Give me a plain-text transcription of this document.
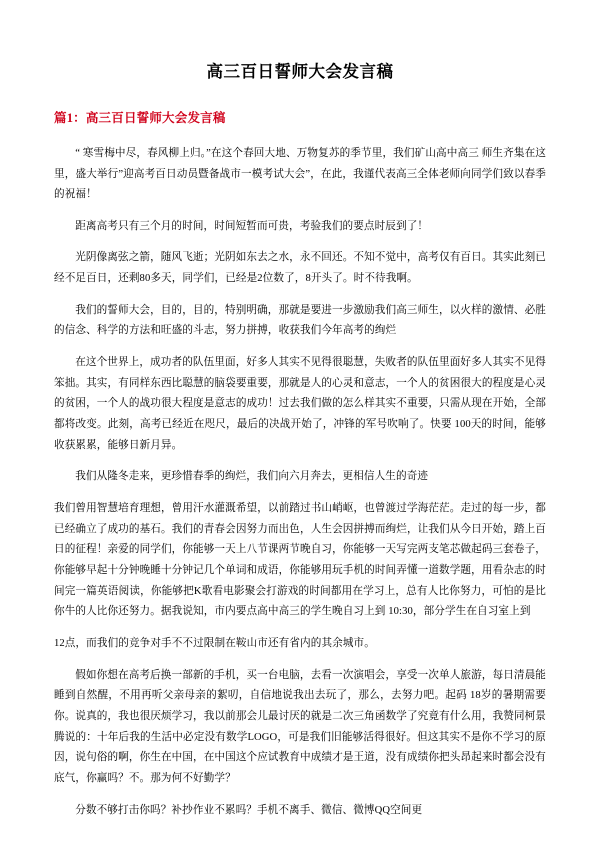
高三百日誓师大会发言稿
篇1：高三百日誓师大会发言稿

“ 寒雪梅中尽，春风柳上归。”在这个春回大地、万物复苏的季节里，我们矿山高中高三 师生齐集在这里，盛大举行”迎高考百日动员暨备战市一模考试大会”，在此，我谨代表高三全体老师向同学们致以春季的祝福！

距离高考只有三个月的时间，时间短暂而可贵，考验我们的要点时辰到了！

光阴像离弦之箭，随风飞逝；光阴如东去之水，永不回还。不知不觉中，高考仅有百日。其实此刻已经不足百日，还剩80多天，同学们，已经是2位数了，8开头了。时不待我啊。

我们的誓师大会，目的，目的，特别明确，那就是要进一步激励我们高三师生，以火样的激情、必胜的信念、科学的方法和旺盛的斗志，努力拼搏，收获我们今年高考的绚烂

在这个世界上，成功者的队伍里面，好多人其实不见得很聪慧，失败者的队伍里面好多人其实不见得笨拙。其实，有同样东西比聪慧的脑袋要重要，那就是人的心灵和意志，一个人的贫困很大的程度是心灵的贫困，一个人的战功很大程度是意志的成功！过去我们做的怎么样其实不重要，只需从现在开始，全部都将改变。此刻，高考已经近在咫尺，最后的决战开始了，冲锋的军号吹响了。快要 100天的时间，能够收获累累，能够日新月异。

我们从隆冬走来，更珍惜春季的绚烂，我们向六月奔去，更相信人生的奇迹

我们曾用智慧培育理想，曾用汗水灌溉希望，以前踏过书山峭岖，也曾渡过学海茫茫。走过的每一步，都已经确立了成功的基石。我们的青春会因努力而出色，人生会因拼搏而绚烂，让我们从今日开始，踏上百日的征程！亲爱的同学们，你能够一天上八节课两节晚自习，你能够一天写完两支笔芯做起码三套卷子，你能够早起十分钟晚睡十分钟记几个单词和成语，你能够用玩手机的时间弄懂一道数学题，用看杂志的时间完一篇英语阅读，你能够把K歌看电影聚会打游戏的时间都用在学习上，总有人比你努力，可怕的是比你牛的人比你还努力。据我说知，市内要点高中高三的学生晚自习上到 10:30，部分学生在自习室上到

12点，而我们的竞争对手不不过限制在鞍山市还有省内的其余城市。

假如你想在高考后换一部新的手机，买一台电脑，去看一次演唱会，享受一次单人旅游，每日清晨能睡到自然醒，不用再听父亲母亲的絮叨，自信地说我出去玩了，那么，去努力吧。起码 18岁的暑期需要你。说真的，我也很厌烦学习，我以前那会儿最讨厌的就是二次三角函数学了究竟有什么用，我赞同柯景腾说的：十年后我的生活中必定没有数学LOGO，可是我们旧能够活得很好。但这其实不是你不学习的原因，说句俗的啊，你生在中国，在中国这个应试教育中成绩才是王道，没有成绩你把头昂起来时都会没有底气，你赢吗？不。那为何不好勤学？

分数不够打击你吗？补抄作业不累吗？手机不离手、微信、微博QQ空间更
